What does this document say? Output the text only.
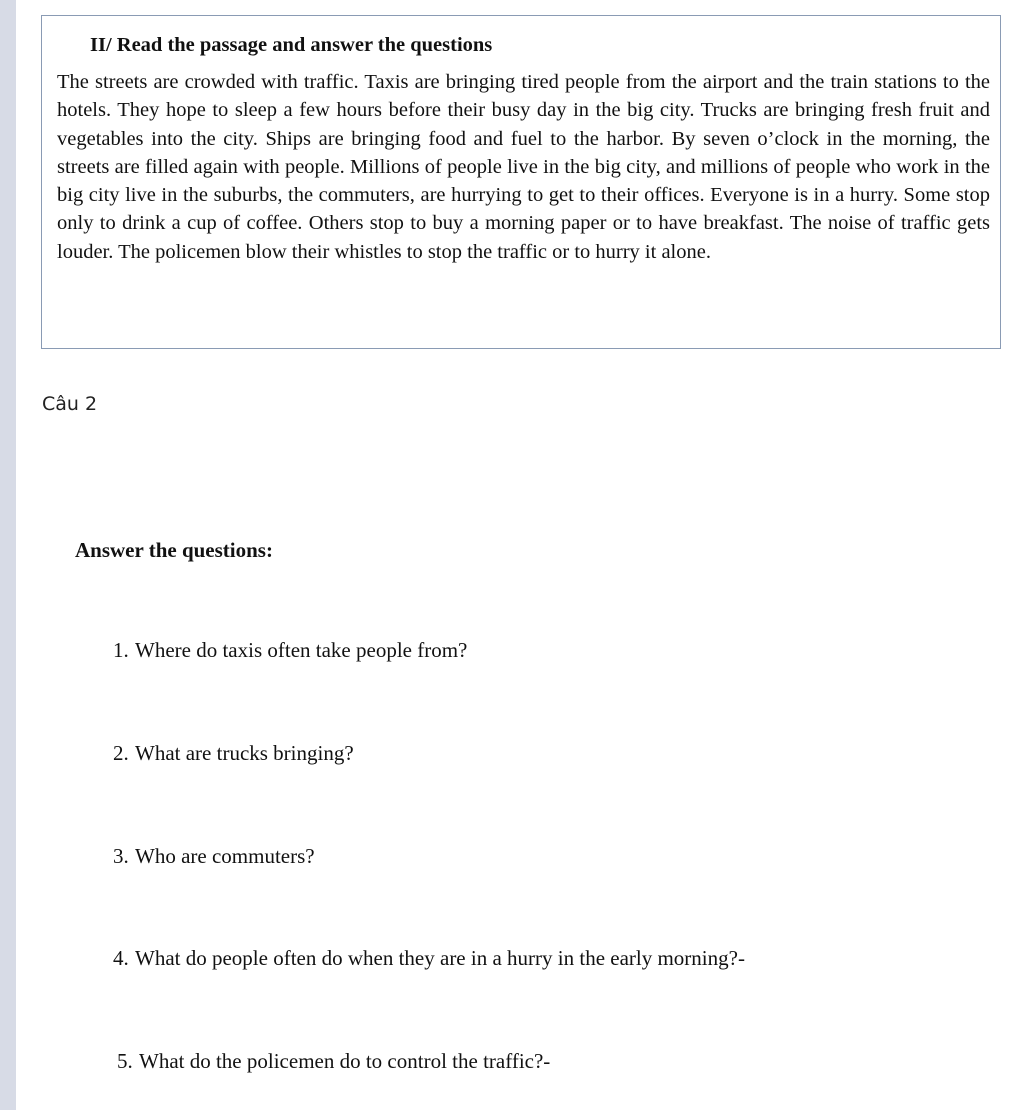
II/ Read the passage and answer the questions

The streets are crowded with traffic. Taxis are bringing tired people from the airport and the train stations to the hotels. They hope to sleep a few hours before their busy day in the big city. Trucks are bringing fresh fruit and vegetables into the city. Ships are bringing food and fuel to the harbor. By seven o’clock in the morning, the streets are filled again with people. Millions of people live in the big city, and millions of people who work in the big city live in the suburbs, the commuters, are hurrying to get to their offices. Everyone is in a hurry. Some stop only to drink a cup of coffee. Others stop to buy a morning paper or to have breakfast. The noise of traffic gets louder. The policemen blow their whistles to stop the traffic or to hurry it alone.

Câu 2
Answer the questions:
1. Where do taxis often take people from?
2. What are trucks bringing?
3. Who are commuters?
4. What do people often do when they are in a hurry in the early morning?-
5. What do the policemen do to control the traffic?-
